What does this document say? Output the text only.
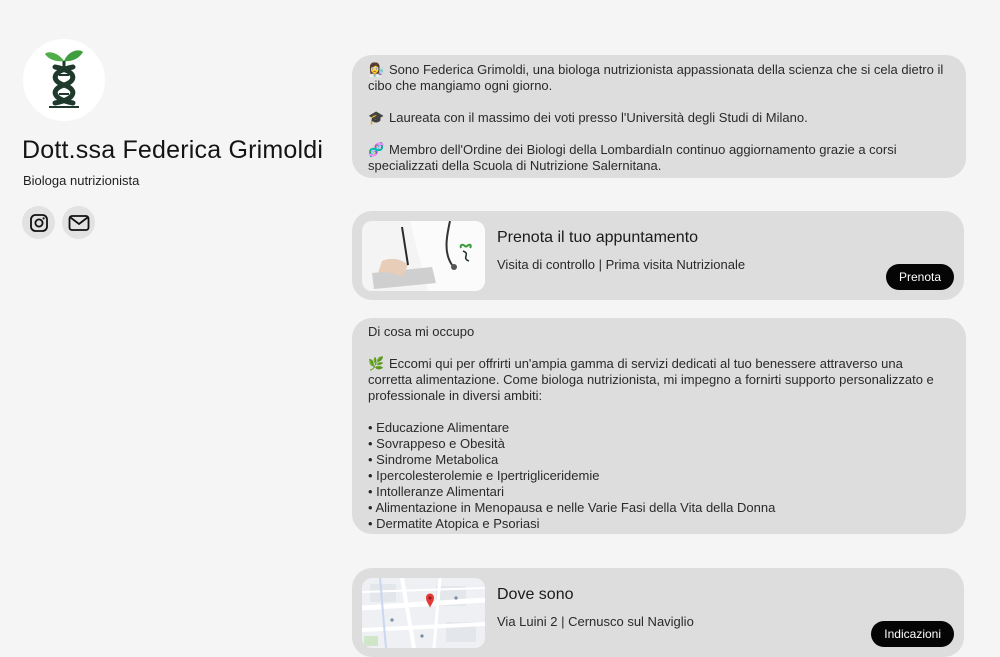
Dott.ssa Federica Grimoldi
Biologa nutrizionista

👩‍🔬 Sono Federica Grimoldi, una biologa nutrizionista appassionata della scienza che si cela dietro il cibo che mangiamo ogni giorno.

🎓 Laureata con il massimo dei voti presso l'Università degli Studi di Milano.

🧬 Membro dell'Ordine dei Biologi della LombardiaIn continuo aggiornamento grazie a corsi specializzati della Scuola di Nutrizione Salernitana.

Prenota il tuo appuntamento
Visita di controllo | Prima visita Nutrizionale
Prenota

Di cosa mi occupo

🌿 Eccomi qui per offrirti un'ampia gamma di servizi dedicati al tuo benessere attraverso una corretta alimentazione. Come biologa nutrizionista, mi impegno a fornirti supporto personalizzato e professionale in diversi ambiti:

• Educazione Alimentare
• Sovrappeso e Obesità
• Sindrome Metabolica
• Ipercolesterolemie e Ipertrigliceridemie
• Intolleranze Alimentari
• Alimentazione in Menopausa e nelle Varie Fasi della Vita della Donna
• Dermatite Atopica e Psoriasi
Dove sono
Via Luini 2 | Cernusco sul Naviglio
Indicazioni
